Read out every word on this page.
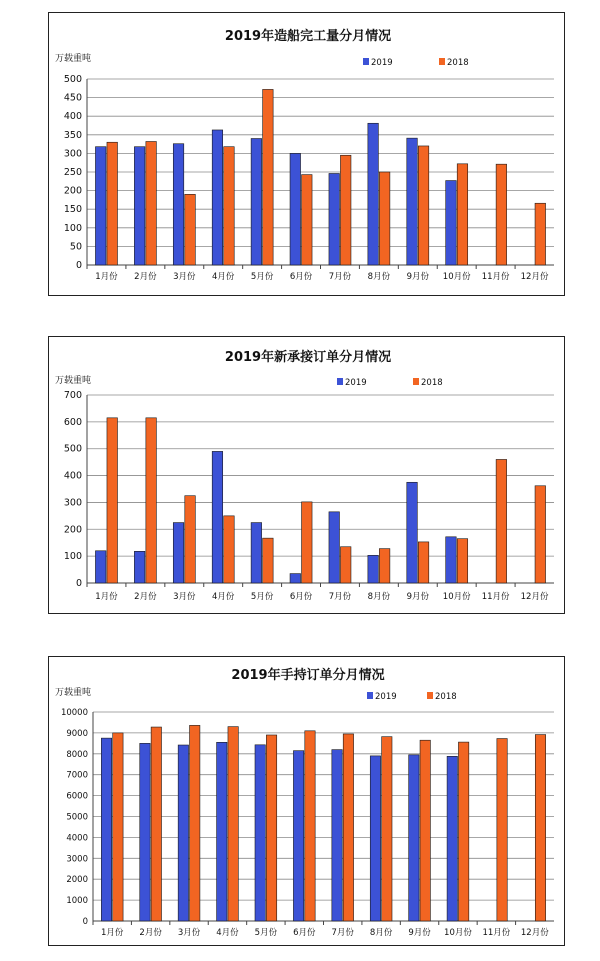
2019年造船完工量分月情况
万载重吨	2019	2018
0
50
100
150
200
250
300
350
400
450
500
1月份 2月份 3月份 4月份 5月份 6月份 7月份 8月份 9月份 10月份 11月份 12月份
2019年新承接订单分月情况
万载重吨	2019	2018
0
100
200
300
400
500
600
700
1月份 2月份 3月份 4月份 5月份 6月份 7月份 8月份 9月份 10月份 11月份 12月份
2019年手持订单分月情况
万载重吨	2019	2018
0
1000
2000
3000
4000
5000
6000
7000
8000
9000
10000
1月份 2月份 3月份 4月份 5月份 6月份 7月份 8月份 9月份 10月份 11月份 12月份
